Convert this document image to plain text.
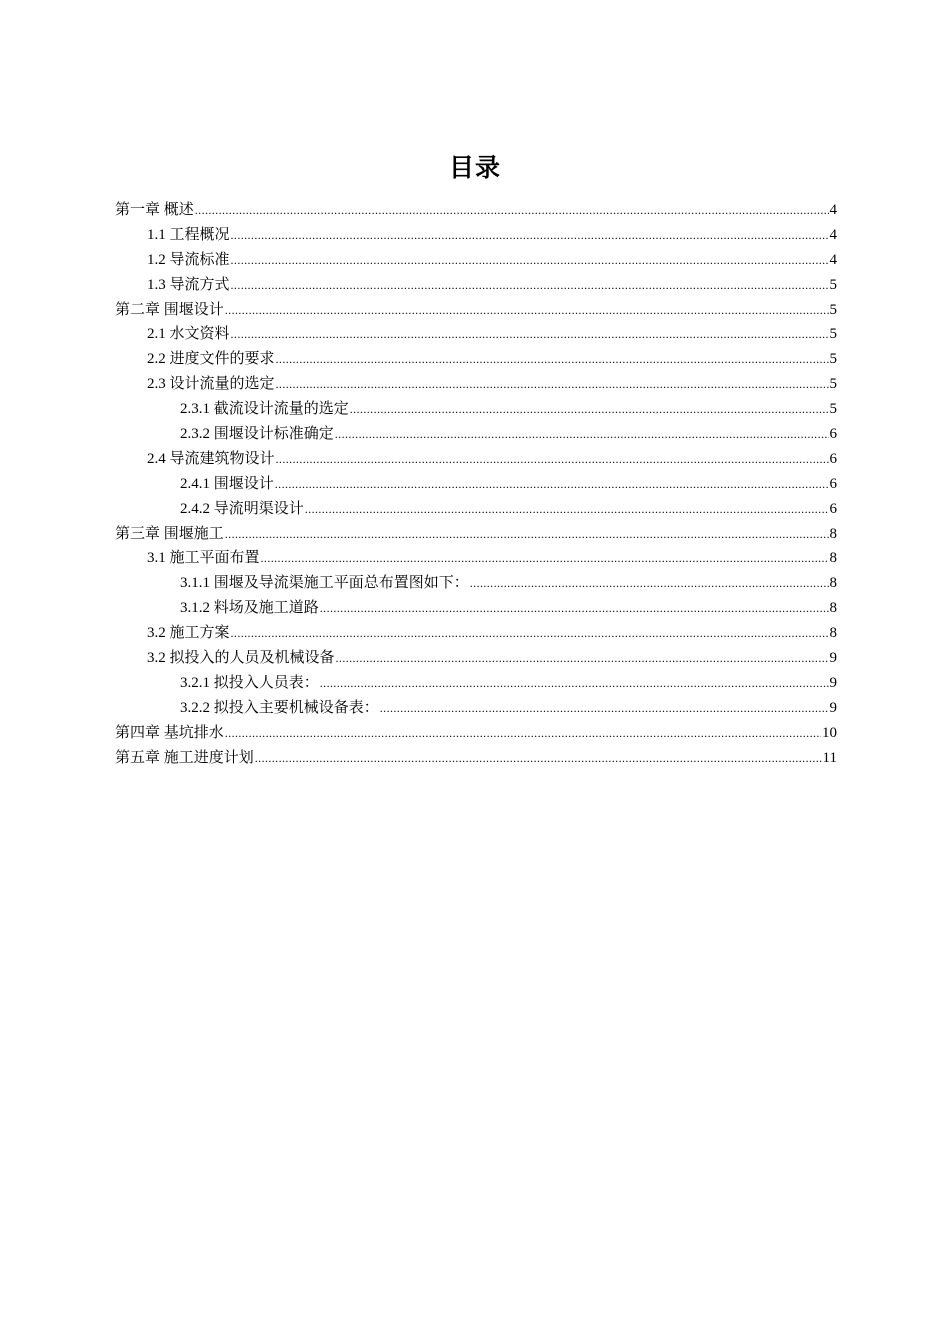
目录
第一章 概述 .....	4
1.1 工程概况 .....	4
1.2 导流标准 .....	4
1.3 导流方式 .....	5
第二章 围堰设计 .....	5
2.1 水文资料 .....	5
2.2 进度文件的要求 .....	5
2.3 设计流量的选定 .....	5
2.3.1 截流设计流量的选定 .....	5
2.3.2 围堰设计标准确定 .....	6
2.4 导流建筑物设计 .....	6
2.4.1 围堰设计 .....	6
2.4.2 导流明渠设计 .....	6
第三章 围堰施工 .....	8
3.1 施工平面布置 .....	8
3.1.1 围堰及导流渠施工平面总布置图如下： .....	8
3.1.2 料场及施工道路 .....	8
3.2 施工方案 .....	8
3.2 拟投入的人员及机械设备 .....	9
3.2.1 拟投入人员表： .....	9
3.2.2 拟投入主要机械设备表： .....	9
第四章 基坑排水 .....	10
第五章 施工进度计划 .....	11
